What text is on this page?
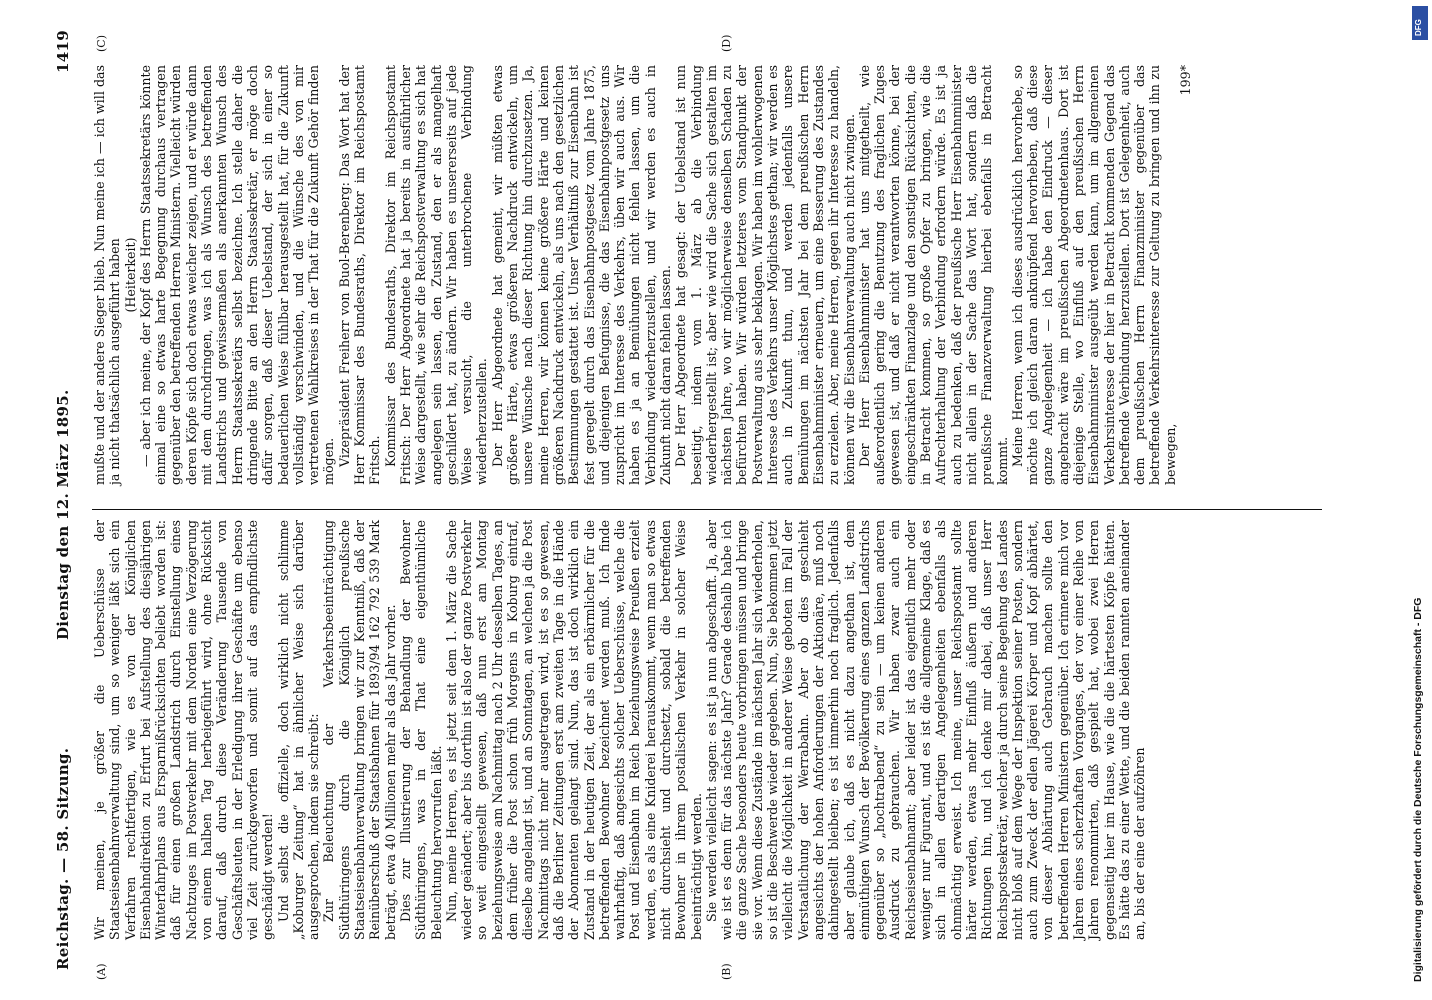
Reichstag. — 58. Sitzung.
Dienstag den 12. März 1895.
1419
(A)	(B)
(C)	(D)

Wir meinen, je größer die Ueberschüsse der Staatseisenbahnverwaltung sind, um so weniger läßt sich ein Verfahren rechtfertigen, wie es von der Königlichen Eisenbahndirektion zu Erfurt bei Aufstellung des diesjährigen Winterfahrplans aus Ersparnißrücksichten beliebt worden ist: daß für einen großen Landstrich durch Einstellung eines Nachtzuges im Postverkehr mit dem Norden eine Verzögerung von einem halben Tag herbeigeführt wird, ohne Rücksicht darauf, daß durch diese Veränderung Tausende von Geschäftsleuten in der Erledigung ihrer Geschäfte um ebenso viel Zeit zurückgeworfen und somit auf das empfindlichste geschädigt werden! Und selbst die offizielle, doch wirklich nicht schlimme „Koburger Zeitung“ hat in ähnlicher Weise sich darüber ausgesprochen, indem sie schreibt: Zur Beleuchtung der Verkehrsbeeinträchtigung Südthüringens durch die Königlich preußische Staatseisenbahnverwaltung bringen wir zur Kenntniß, daß der Reinüberschuß der Staatsbahnen für 1893/94 162 792 539 Mark beträgt, etwa 40 Millionen mehr als das Jahr vorher. Dies zur Illustrierung der Behandlung der Bewohner Südthüringens, was in der That eine eigenthümliche Beleuchtung hervorrufen läßt. Nun, meine Herren, es ist jetzt seit dem 1. März die Sache wieder geändert; aber bis dorthin ist also der ganze Postverkehr so weit eingestellt gewesen, daß nun erst am Montag beziehungsweise am Nachmittag nach 2 Uhr desselben Tages, an dem früher die Post schon früh Morgens in Koburg eintraf, dieselbe angelangt ist, und an Sonntagen, an welchen ja die Post Nachmittags nicht mehr ausgetragen wird, ist es so gewesen, daß die Berliner Zeitungen erst am zweiten Tage in die Hände der Abonnenten gelangt sind. Nun, das ist doch wirklich ein Zustand in der heutigen Zeit, der als ein erbärmlicher für die betreffenden Bewohner bezeichnet werden muß. Ich finde wahrhaftig, daß angesichts solcher Ueberschüsse, welche die Post und Eisenbahn im Reich beziehungsweise Preußen erzielt werden, es als eine Kniderei herauskommt, wenn man so etwas nicht durchsieht und durchsetzt, sobald die betreffenden Bewohner in ihrem postalischen Verkehr in solcher Weise beeinträchtigt werden. Sie werden vielleicht sagen: es ist ja nun abgeschafft. Ja, aber wie ist es denn für das nächste Jahr? Gerade deshalb habe ich die ganze Sache besonders heute vorbringen müssen und bringe sie vor. Wenn diese Zustände im nächsten Jahr sich wiederholen, so ist die Beschwerde wieder gegeben. Nun, Sie bekommen jetzt vielleicht die Möglichkeit in anderer Weise geboten im Fall der Verstaatlichung der Werrabahn. Aber ob dies geschieht angesichts der hohen Anforderungen der Aktionäre, muß noch dahingestellt bleiben; es ist immerhin noch fraglich. Jedenfalls aber glaube ich, daß es nicht dazu angethan ist, dem einmüthigen Wunsch der Bevölkerung eines ganzen Landstrichs gegenüber so „hochtrabend“ zu sein — um keinen anderen Ausdruck zu gebrauchen. Wir haben zwar auch ein Reichseisenbahnamt; aber leider ist das eigentlich mehr oder weniger nur Figurant, und es ist die allgemeine Klage, daß es sich in allen derartigen Angelegenheiten ebenfalls als ohnmächtig erweist. Ich meine, unser Reichspostamt sollte härter werden, etwas mehr Einfluß äußern und anderen Richtungen hin, und ich denke mir dabei, daß unser Herr Reichspostsekretär, welcher ja durch seine Begehung des Landes nicht bloß auf dem Wege der Inspektion seiner Posten, sondern auch zum Zweck der edlen Jägerei Körper und Kopf abhärtet, von dieser Abhärtung auch Gebrauch machen sollte den betreffenden Herren Ministern gegenüber. Ich erinnere mich vor Jahren eines scherzhaften Vorganges, der vor einer Reihe von Jahren renommirten, daß gespielt hat, wobei zwei Herren gegenseitig hier im Hause, wie die die härtesten Köpfe hätten. Es hätte das zu einer Wette, und die beiden rannten aneinander an, bis der eine der aufzöhren

mußte und der andere Sieger blieb. Nun meine ich — ich will das ja nicht thatsächlich ausgeführt haben (Heiterkeit) — aber ich meine, der Kopf des Herrn Staatssekretärs könnte einmal eine so etwas harte Begegnung durchaus vertragen gegenüber den betreffenden Herren Ministern. Vielleicht würden deren Köpfe sich doch etwas weicher zeigen, und er würde dann mit dem durchdringen, was ich als Wunsch des betreffenden Landstrichs und gewissermaßen als anerkannten Wunsch des Herrn Staatssekretärs selbst bezeichne. Ich stelle daher die dringende Bitte an den Herrn Staatssekretär, er möge doch dafür sorgen, daß dieser Uebelstand, der sich in einer so bedauerlichen Weise fühlbar herausgestellt hat, für die Zukunft vollständig verschwinden, und die Wünsche des von mir vertretenen Wahlkreises in der That für die Zukunft Gehör finden mögen. Vizepräsident Freiherr von Buol-Berenberg: Das Wort hat der Herr Kommissar des Bundesraths, Direktor im Reichspostamt Fritsch. Kommissar des Bundesraths, Direktor im Reichspostamt Fritsch: Der Herr Abgeordnete hat ja bereits in ausführlicher Weise dargestellt, wie sehr die Reichspostverwaltung es sich hat angelegen sein lassen, den Zustand, den er als mangelhaft geschildert hat, zu ändern. Wir haben es unsererseits auf jede Weise versucht, die unterbrochene Verbindung wiederherzustellen. Der Herr Abgeordnete hat gemeint, wir müßten etwas größere Härte, etwas größeren Nachdruck entwickeln, um unsere Wünsche nach dieser Richtung hin durchzusetzen. Ja, meine Herren, wir können keine größere Härte und keinen größeren Nachdruck entwickeln, als uns nach den gesetzlichen Bestimmungen gestattet ist. Unser Verhältniß zur Eisenbahn ist fest geregelt durch das Eisenbahnpostgesetz vom Jahre 1875, und diejenigen Befugnisse, die das Eisenbahnpostgesetz uns zuspricht im Interesse des Verkehrs, üben wir auch aus. Wir haben es ja an Bemühungen nicht fehlen lassen, um die Verbindung wiederherzustellen, und wir werden es auch in Zukunft nicht daran fehlen lassen. Der Herr Abgeordnete hat gesagt: der Uebelstand ist nun beseitigt, indem vom 1. März ab die Verbindung wiederhergestellt ist; aber wie wird die Sache sich gestalten im nächsten Jahre, wo wir möglicherweise denselben Schaden zu befürchten haben. Wir würden letzteres vom Standpunkt der Postverwaltung aus sehr beklagen. Wir haben im wohlerwogenen Interesse des Verkehrs unser Möglichstes gethan; wir werden es auch in Zukunft thun, und werden jedenfalls unsere Bemühungen im nächsten Jahr bei dem preußischen Herrn Eisenbahnminister erneuern, um eine Besserung des Zustandes zu erzielen. Aber, meine Herren, gegen ihr Interesse zu handeln, können wir die Eisenbahnverwaltung auch nicht zwingen. Der Herr Eisenbahnminister hat uns mitgetheilt, wie außerordentlich gering die Benutzung des fraglichen Zuges gewesen ist, und daß er nicht verantworten könne, bei der eingeschränkten Finanzlage und den sonstigen Rücksichten, die in Betracht kommen, so große Opfer zu bringen, wie die Aufrechterhaltung der Verbindung erfordern würde. Es ist ja auch zu bedenken, daß der preußische Herr Eisenbahnminister nicht allein in der Sache das Wort hat, sondern daß die preußische Finanzverwaltung hierbei ebenfalls in Betracht kommt. Meine Herren, wenn ich dieses ausdrücklich hervorhebe, so möchte ich gleich daran anknüpfend hervorheben, daß diese ganze Angelegenheit — ich habe den Eindruck — dieser angebracht wäre im preußischen Abgeordnetenhaus. Dort ist diejenige Stelle, wo Einfluß auf den preußischen Herrn Eisenbahnminister ausgeübt werden kann, um im allgemeinen Verkehrsinteresse der hier in Betracht kommenden Gegend das betreffende Verbindung herzustellen. Dort ist Gelegenheit, auch dem preußischen Herrn Finanzminister gegenüber das betreffende Verkehrsinteresse zur Geltung zu bringen und ihn zu bewegen,

199*

DFG
Digitalisierung gefördert durch die Deutsche Forschungsgemeinschaft - DFG
